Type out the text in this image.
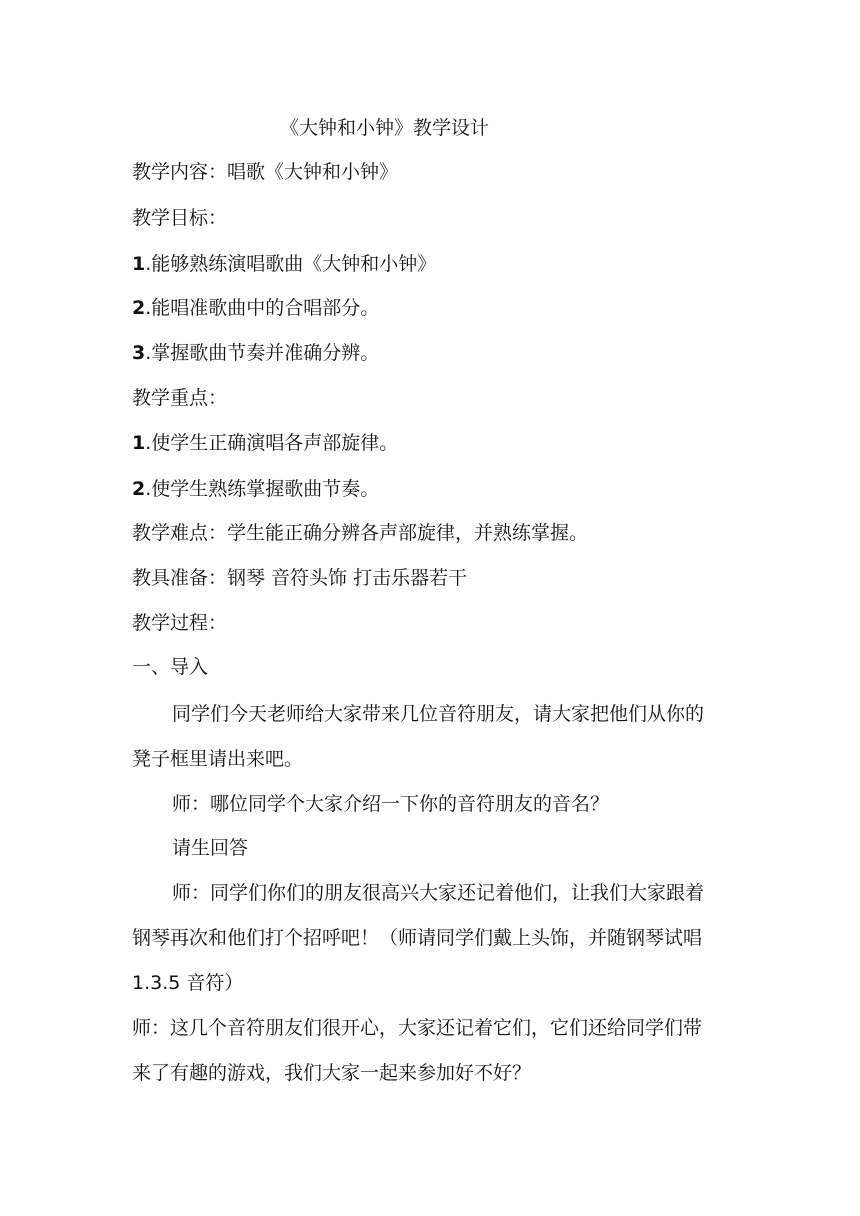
《大钟和小钟》教学设计
教学内容：唱歌《大钟和小钟》
教学目标：
1.能够熟练演唱歌曲《大钟和小钟》
2.能唱准歌曲中的合唱部分。
3.掌握歌曲节奏并准确分辨。
教学重点：
1.使学生正确演唱各声部旋律。
2.使学生熟练掌握歌曲节奏。
教学难点：学生能正确分辨各声部旋律，并熟练掌握。
教具准备：钢琴 音符头饰 打击乐器若干
教学过程：
一、导入
同学们今天老师给大家带来几位音符朋友，请大家把他们从你的
凳子框里请出来吧。
师：哪位同学个大家介绍一下你的音符朋友的音名？
请生回答
师：同学们你们的朋友很高兴大家还记着他们，让我们大家跟着
钢琴再次和他们打个招呼吧！（师请同学们戴上头饰，并随钢琴试唱
1.3.5 音符）
师：这几个音符朋友们很开心，大家还记着它们，它们还给同学们带
来了有趣的游戏，我们大家一起来参加好不好？
